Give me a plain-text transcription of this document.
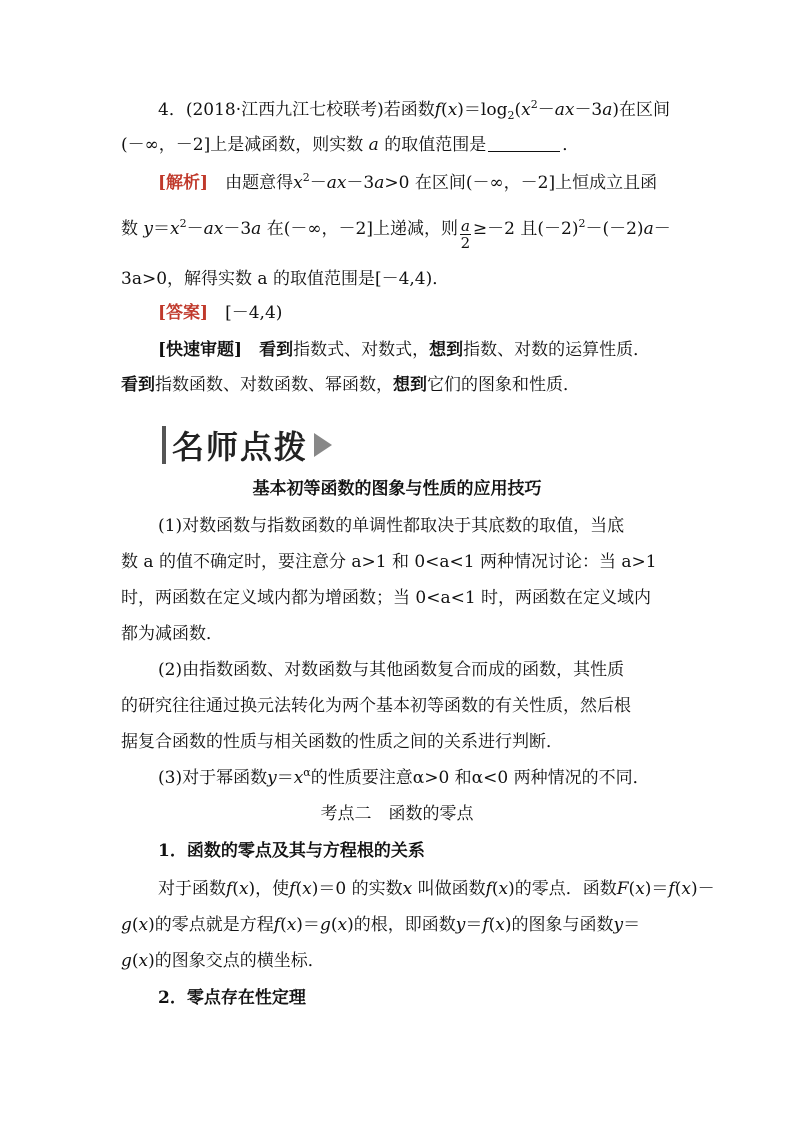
4．(2018·江西九江七校联考)若函数$f(x)=\log_2(x^2-ax-3a)$在区间
(－∞，－2]上是减函数，则实数 a 的取值范围是	．
[解析]　 由题意得$x^2-ax-3a>0$ 在区间(－∞，－2]上恒成立且函
数 $y=x^2-ax-3a$ 在(－∞，－2]上递减，则 $\frac{a}{2} \ge-2$ 且$(-2)^2-(-2)a-$
3a>0，解得实数 a 的取值范围是[－4,4)．
[答案]　 [－4,4)
[快速审题]　 看到指数式、对数式，想到指数、对数的运算性质．
看到指数函数、对数函数、幂函数，想到它们的图象和性质．
名师点拨
基本初等函数的图象与性质的应用技巧
(1)对数函数与指数函数的单调性都取决于其底数的取值，当底
数 a 的值不确定时，要注意分 a>1 和 0<a<1 两种情况讨论：当 a>1
时，两函数在定义域内都为增函数；当 0<a<1 时，两函数在定义域内
都为减函数．
(2)由指数函数、对数函数与其他函数复合而成的函数，其性质
的研究往往通过换元法转化为两个基本初等函数的有关性质，然后根
据复合函数的性质与相关函数的性质之间的关系进行判断．
(3)对于幂函数$y=x^\alpha$的性质要注意α>0 和α<0 两种情况的不同．
考点二　函数的零点
1．函数的零点及其与方程根的关系
对于函数f(x)，使f(x)＝0 的实数x 叫做函数f(x)的零点．函数F(x)＝f(x)－
g(x)的零点就是方程f(x)＝g(x)的根，即函数y＝f(x)的图象与函数y＝
g(x)的图象交点的横坐标．
2．零点存在性定理
